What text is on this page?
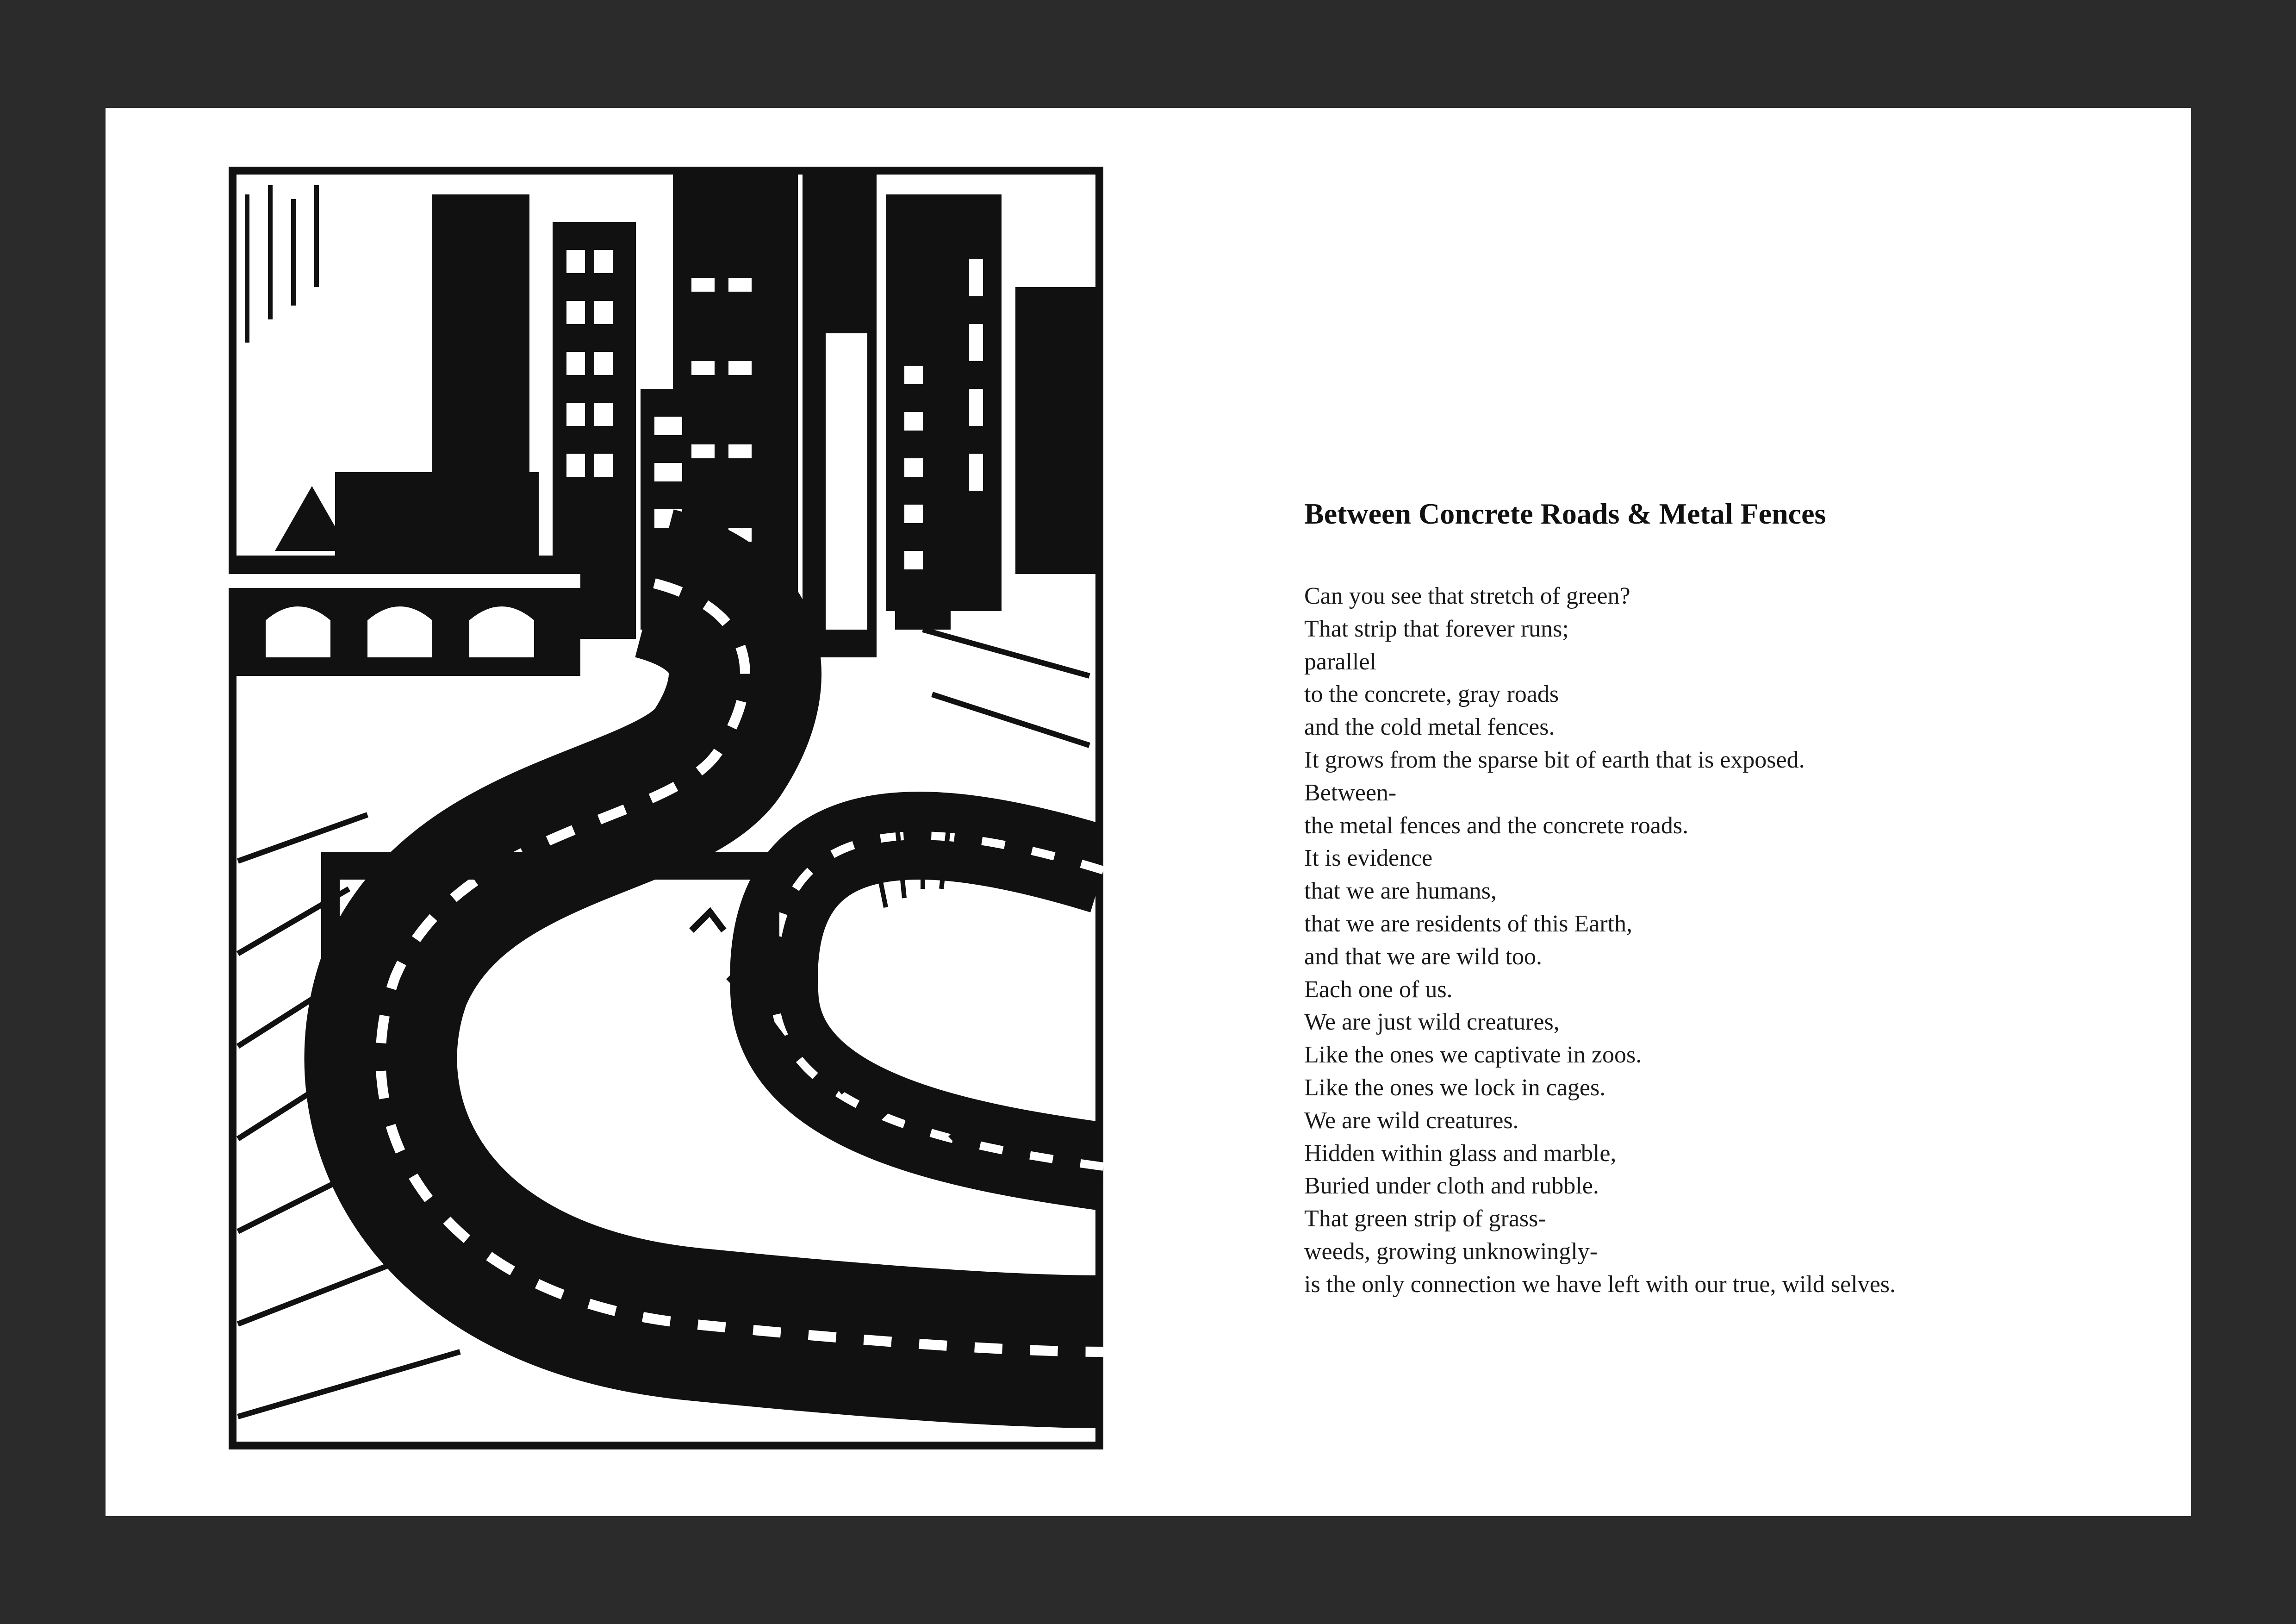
Between Concrete Roads & Metal Fences
Can you see that stretch of green?
That strip that forever runs;
parallel
to the concrete, gray roads
and the cold metal fences.
It grows from the sparse bit of earth that is exposed.
Between-
the metal fences and the concrete roads.
It is evidence
that we are humans,
that we are residents of this Earth,
and that we are wild too.
Each one of us.
We are just wild creatures,
Like the ones we captivate in zoos.
Like the ones we lock in cages.
We are wild creatures.
Hidden within glass and marble,
Buried under cloth and rubble.
That green strip of grass-
weeds, growing unknowingly-
is the only connection we have left with our true, wild selves.
